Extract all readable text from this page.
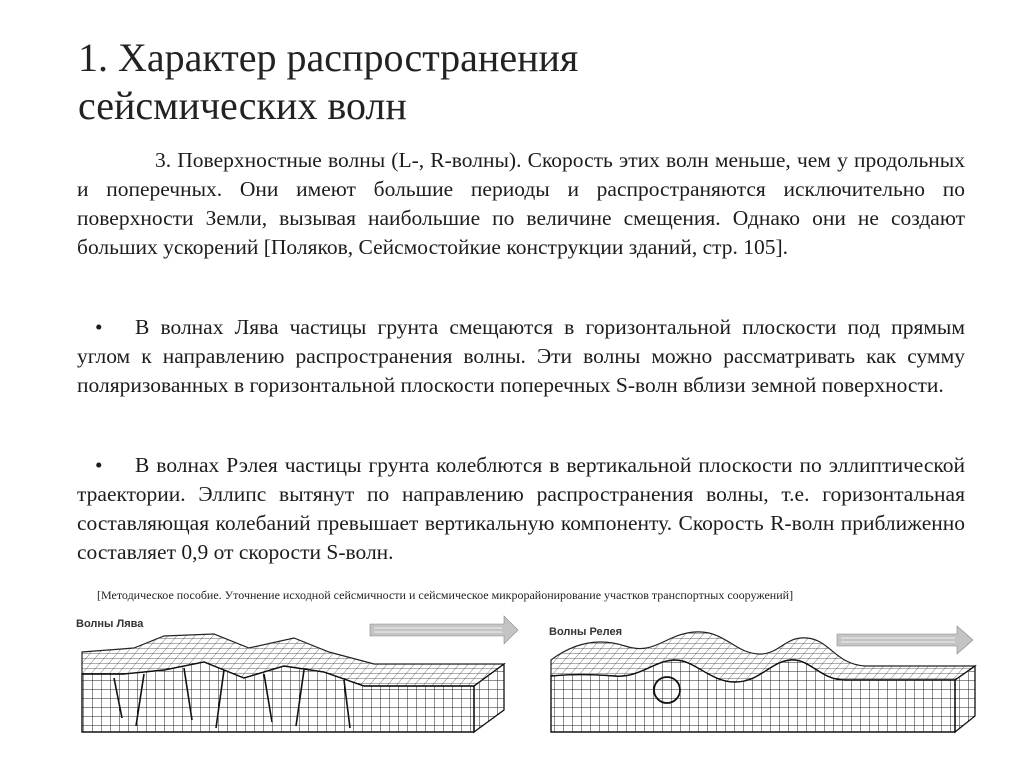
1. Характер распространения
сейсмических волн

3. Поверхностные волны (L-, R-волны). Скорость этих волн меньше, чем у продольных и поперечных. Они имеют большие периоды и распространяются исключительно по поверхности Земли, вызывая наибольшие по величине смещения. Однако они не создают больших ускорений [Поляков, Сейсмостойкие конструкции зданий, стр. 105].

• В волнах Лява частицы грунта смещаются в горизонтальной плоскости под прямым углом к направлению распространения волны. Эти волны можно рассматривать как сумму поляризованных в горизонтальной плоскости поперечных S-волн вблизи земной поверхности.

• В волнах Рэлея частицы грунта колеблются в вертикальной плоскости по эллиптической траектории. Эллипс вытянут по направлению распространения волны, т.е. горизонтальная составляющая колебаний превышает вертикальную компоненту. Скорость R-волн приближенно составляет 0,9 от скорости S-волн.

[Методическое пособие. Уточнение исходной сейсмичности и сейсмическое микрорайонирование участков транспортных сооружений]
Волны Лява
Волны Релея
